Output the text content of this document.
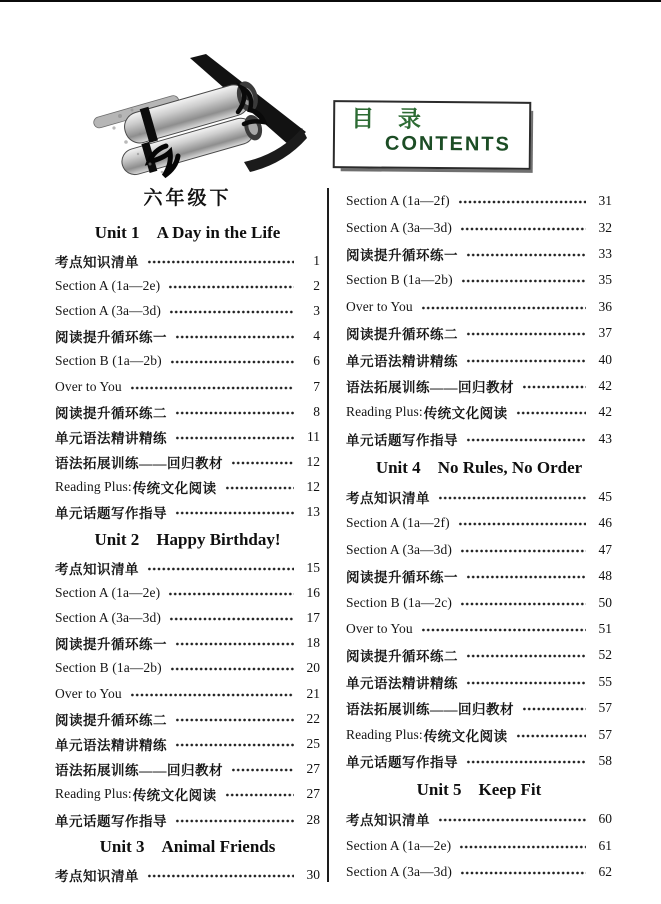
目 录
CONTENTS
六年级下
Unit 1 A Day in the Life
考点知识清单	1
Section A (1a—2e)	2
Section A (3a—3d)	3
阅读提升循环练一	4
Section B (1a—2b)	6
Over to You	7
阅读提升循环练二	8
单元语法精讲精练	11
语法拓展训练——回归教材	12
Reading Plus: 传统文化阅读	12
单元话题写作指导	13
Unit 2 Happy Birthday!
考点知识清单	15
Section A (1a—2e)	16
Section A (3a—3d)	17
阅读提升循环练一	18
Section B (1a—2b)	20
Over to You	21
阅读提升循环练二	22
单元语法精讲精练	25
语法拓展训练——回归教材	27
Reading Plus: 传统文化阅读	27
单元话题写作指导	28
Unit 3 Animal Friends
考点知识清单	30
Section A (1a—2f)	31
Section A (3a—3d)	32
阅读提升循环练一	33
Section B (1a—2b)	35
Over to You	36
阅读提升循环练二	37
单元语法精讲精练	40
语法拓展训练——回归教材	42
Reading Plus: 传统文化阅读	42
单元话题写作指导	43
Unit 4 No Rules, No Order
考点知识清单	45
Section A (1a—2f)	46
Section A (3a—3d)	47
阅读提升循环练一	48
Section B (1a—2c)	50
Over to You	51
阅读提升循环练二	52
单元语法精讲精练	55
语法拓展训练——回归教材	57
Reading Plus: 传统文化阅读	57
单元话题写作指导	58
Unit 5 Keep Fit
考点知识清单	60
Section A (1a—2e)	61
Section A (3a—3d)	62
